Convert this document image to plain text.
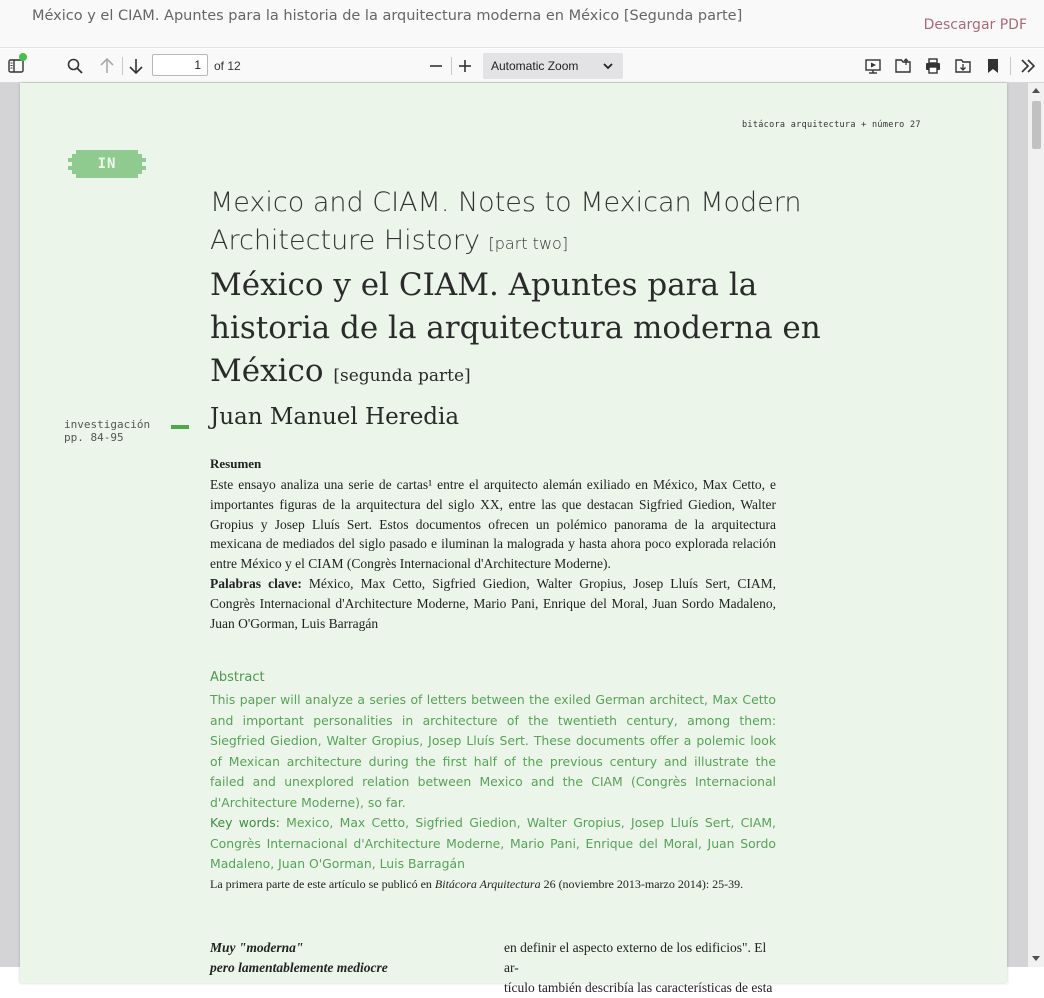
México y el CIAM. Apuntes para la historia de la arquitectura moderna en México [Segunda parte]
Descargar PDF
1
of 12	Automatic Zoom
bitácora arquitectura + número 27
IN
Mexico and CIAM. Notes to Mexican Modern Architecture History [part two]
México y el CIAM. Apuntes para la historia de la arquitectura moderna en México [segunda parte]
investigación
pp. 84-95
Juan Manuel Heredia
Resumen
Este ensayo analiza una serie de cartas¹ entre el arquitecto alemán exiliado en México, Max Cetto, e importantes figuras de la arquitectura del siglo XX, entre las que destacan Sigfried Giedion, Walter Gropius y Josep Lluís Sert. Estos documentos ofrecen un polémico panorama de la arquitectura mexicana de mediados del siglo pasado e iluminan la malograda y hasta ahora poco explorada relación entre México y el CIAM (Congrès Internacional d'Architecture Moderne).
Palabras clave: México, Max Cetto, Sigfried Giedion, Walter Gropius, Josep Lluís Sert, CIAM, Congrès Internacional d'Architecture Moderne, Mario Pani, Enrique del Moral, Juan Sordo Madaleno, Juan O'Gorman, Luis Barragán
Abstract
This paper will analyze a series of letters between the exiled German architect, Max Cetto and important personalities in architecture of the twentieth century, among them: Siegfried Giedion, Walter Gropius, Josep Lluís Sert. These documents offer a polemic look of Mexican architecture during the first half of the previous century and illustrate the failed and unexplored relation between Mexico and the CIAM (Congrès Internacional d'Architecture Moderne), so far.
Key words: Mexico, Max Cetto, Sigfried Giedion, Walter Gropius, Josep Lluís Sert, CIAM, Congrès Internacional d'Architecture Moderne, Mario Pani, Enrique del Moral, Juan Sordo Madaleno, Juan O'Gorman, Luis Barragán
La primera parte de este artículo se publicó en Bitácora Arquitectura 26 (noviembre 2013-marzo 2014): 25-39.
Muy "moderna"
pero lamentablemente mediocre
en definir el aspecto externo de los edificios". El ar-
tículo también describía las características de esta
